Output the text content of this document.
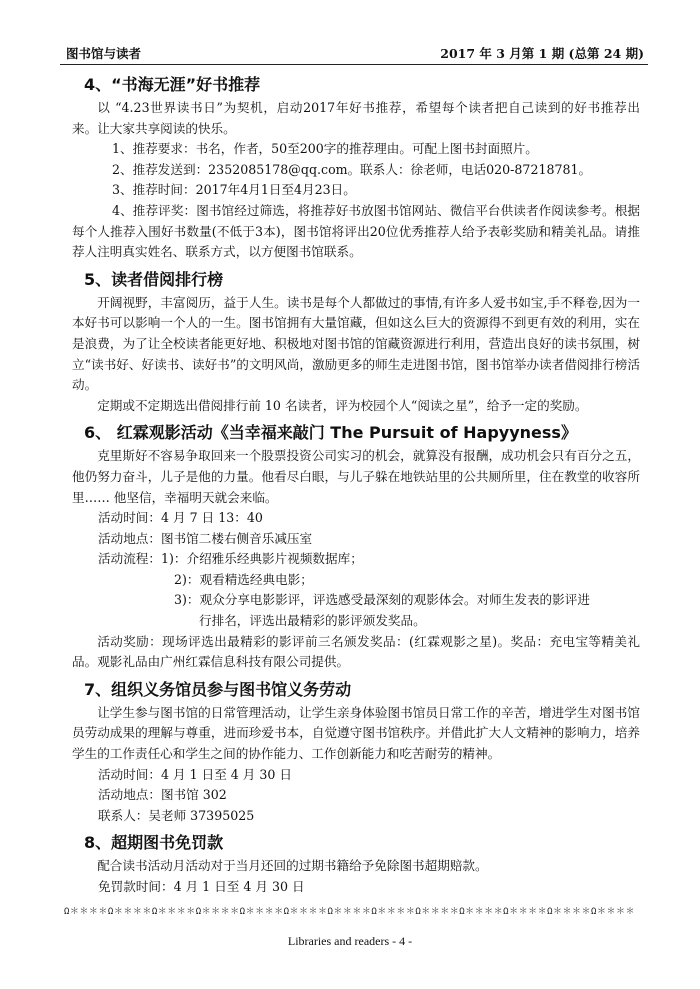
图书馆与读者	2017 年 3 月第 1 期 (总第 24 期)
4、“书海无涯”好书推荐

以 “4.23世界读书日”为契机，启动2017年好书推荐，希望每个读者把自己读到的好书推荐出来。让大家共享阅读的快乐。

1、推荐要求：书名，作者，50至200字的推荐理由。可配上图书封面照片。

2、推荐发送到：2352085178@qq.com。联系人：徐老师，电话020-87218781。

3、推荐时间：2017年4月1日至4月23日。

4、推荐评奖：图书馆经过筛选，将推荐好书放图书馆网站、微信平台供读者作阅读参考。根据每个人推荐入围好书数量(不低于3本)，图书馆将评出20位优秀推荐人给予表彰奖励和精美礼品。请推荐人注明真实姓名、联系方式，以方便图书馆联系。

5、读者借阅排行榜

开阔视野，丰富阅历，益于人生。读书是每个人都做过的事情,有许多人爱书如宝,手不释卷,因为一本好书可以影响一个人的一生。图书馆拥有大量馆藏，但如这么巨大的资源得不到更有效的利用，实在是浪费，为了让全校读者能更好地、积极地对图书馆的馆藏资源进行利用，营造出良好的读书氛围，树立“读书好、好读书、读好书”的文明风尚，激励更多的师生走进图书馆，图书馆举办读者借阅排行榜活动。

定期或不定期选出借阅排行前 10 名读者，评为校园个人“阅读之星”，给予一定的奖励。

6、 红霖观影活动《当幸福来敲门 The Pursuit of Hapyyness》

克里斯好不容易争取回来一个股票投资公司实习的机会，就算没有报酬，成功机会只有百分之五，他仍努力奋斗，儿子是他的力量。他看尽白眼，与儿子躲在地铁站里的公共厕所里，住在教堂的收容所里…… 他坚信，幸福明天就会来临。

活动时间：4 月 7 日 13：40

活动地点：图书馆二楼右侧音乐减压室

活动流程：1)：介绍雅乐经典影片视频数据库；

2)：观看精选经典电影；

3)：观众分享电影影评，评选感受最深刻的观影体会。对师生发表的影评进

行排名，评选出最精彩的影评颁发奖品。

活动奖励：现场评选出最精彩的影评前三名颁发奖品：(红霖观影之星)。奖品：充电宝等精美礼品。观影礼品由广州红霖信息科技有限公司提供。

7、组织义务馆员参与图书馆义务劳动

让学生参与图书馆的日常管理活动，让学生亲身体验图书馆员日常工作的辛苦，增进学生对图书馆员劳动成果的理解与尊重，进而珍爱书本，自觉遵守图书馆秩序。并借此扩大人文精神的影响力，培养学生的工作责任心和学生之间的协作能力、工作创新能力和吃苦耐劳的精神。

活动时间：4 月 1 日至 4 月 30 日

活动地点：图书馆 302

联系人：吴老师 37395025

8、超期图书免罚款

配合读书活动月活动对于当月还回的过期书籍给予免除图书超期赔款。

免罚款时间：4 月 1 日至 4 月 30 日

Ω＊＊＊＊Ω＊＊＊＊Ω＊＊＊＊Ω＊＊＊＊Ω＊＊＊＊Ω＊＊＊＊Ω＊＊＊＊Ω＊＊＊＊Ω＊＊＊＊Ω＊＊＊＊Ω＊＊＊＊Ω＊＊＊＊Ω＊＊＊＊
Libraries and readers - 4 -
